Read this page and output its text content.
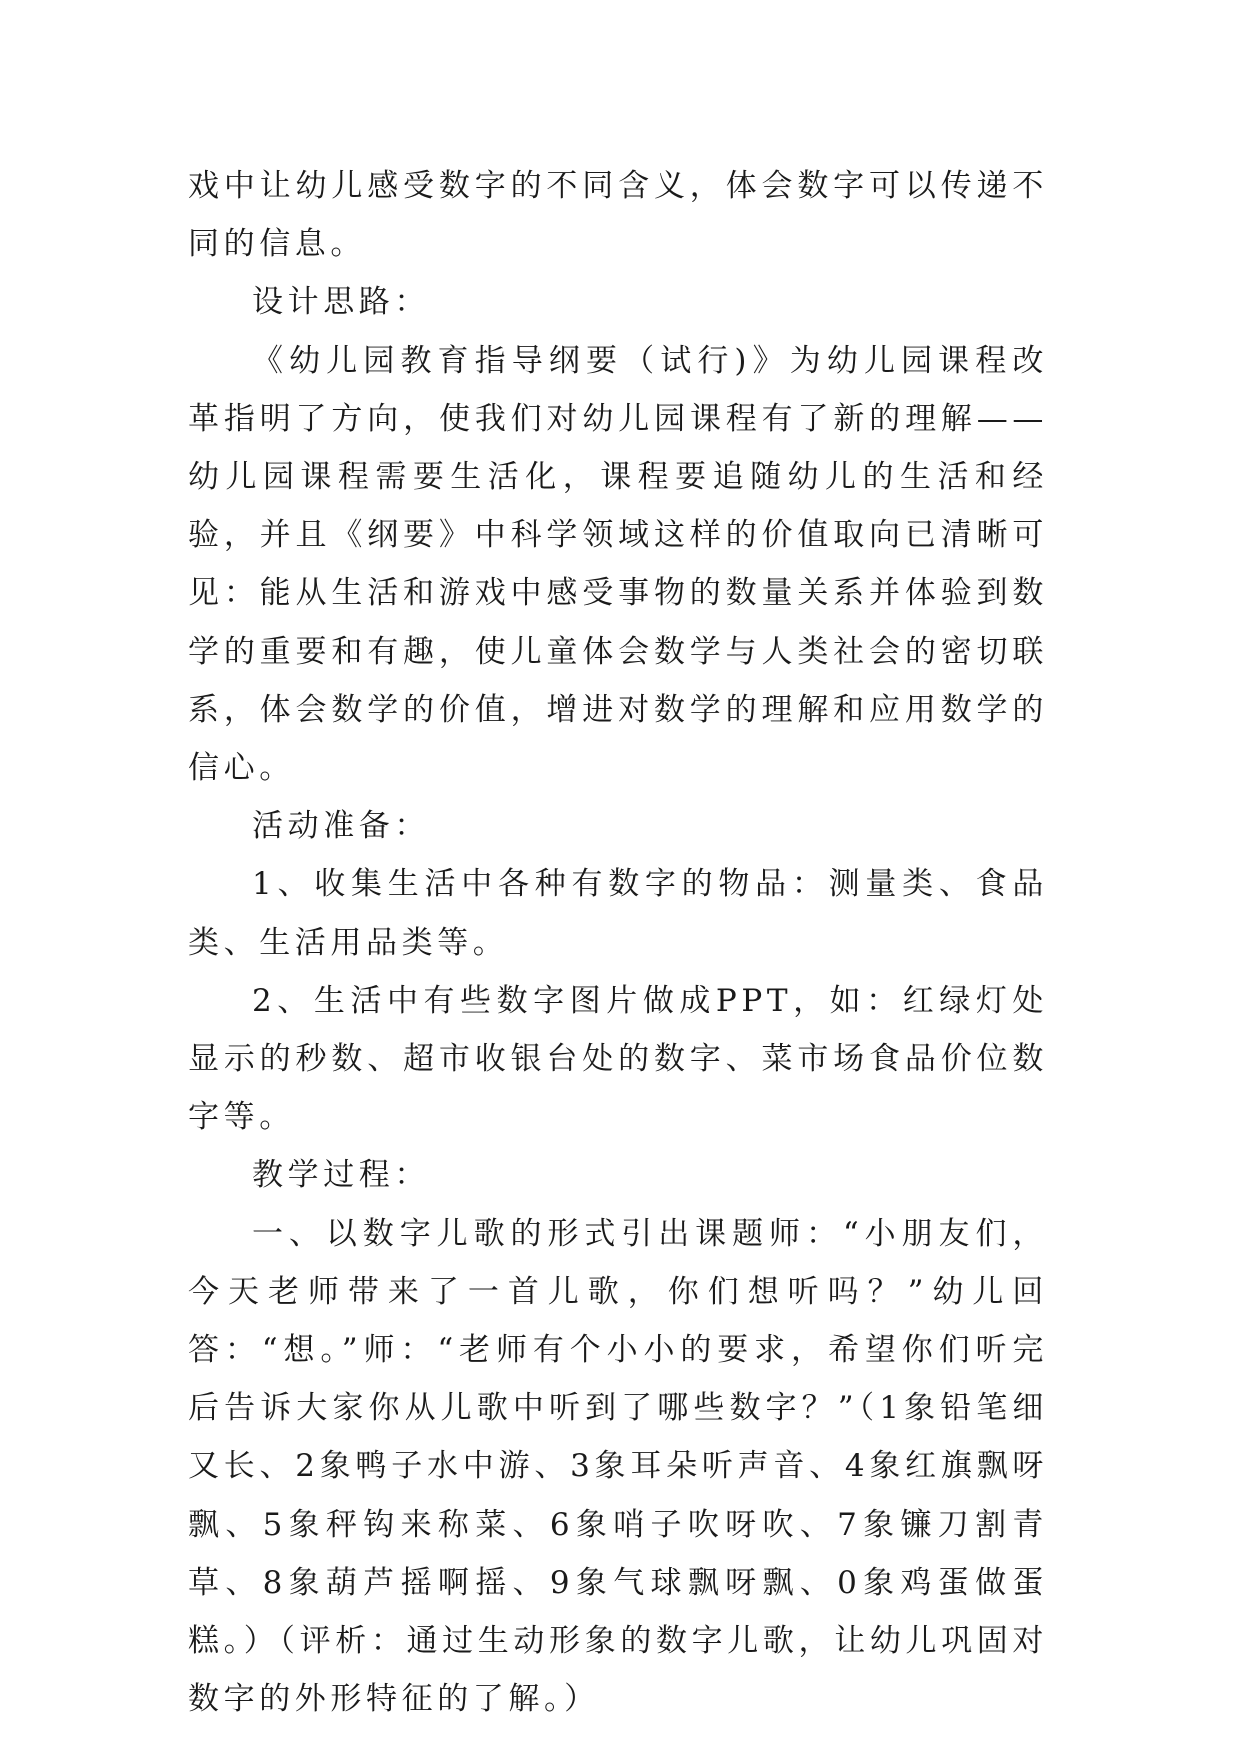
戏中让幼儿感受数字的不同含义，体会数字可以传递不同的信息。

设计思路：

《幼儿园教育指导纲要（试行)》为幼儿园课程改革指明了方向，使我们对幼儿园课程有了新的理解——幼儿园课程需要生活化，课程要追随幼儿的生活和经验，并且《纲要》中科学领域这样的价值取向已清晰可见：能从生活和游戏中感受事物的数量关系并体验到数学的重要和有趣，使儿童体会数学与人类社会的密切联系，体会数学的价值，增进对数学的理解和应用数学的信心。

活动准备：

1、收集生活中各种有数字的物品：测量类、食品类、生活用品类等。

2、生活中有些数字图片做成PPT，如：红绿灯处显示的秒数、超市收银台处的数字、菜市场食品价位数字等。

教学过程：

一、以数字儿歌的形式引出课题师：“小朋友们，今天老师带来了一首儿歌，你们想听吗？”幼儿回答：“想。”师：“老师有个小小的要求，希望你们听完后告诉大家你从儿歌中听到了哪些数字？”（1象铅笔细又长、2象鸭子水中游、3象耳朵听声音、4象红旗飘呀飘、5象秤钩来称菜、6象哨子吹呀吹、7象镰刀割青草、8象葫芦摇啊摇、9象气球飘呀飘、0象鸡蛋做蛋糕。）（评析：通过生动形象的数字儿歌，让幼儿巩固对数字的外形特征的了解。）
